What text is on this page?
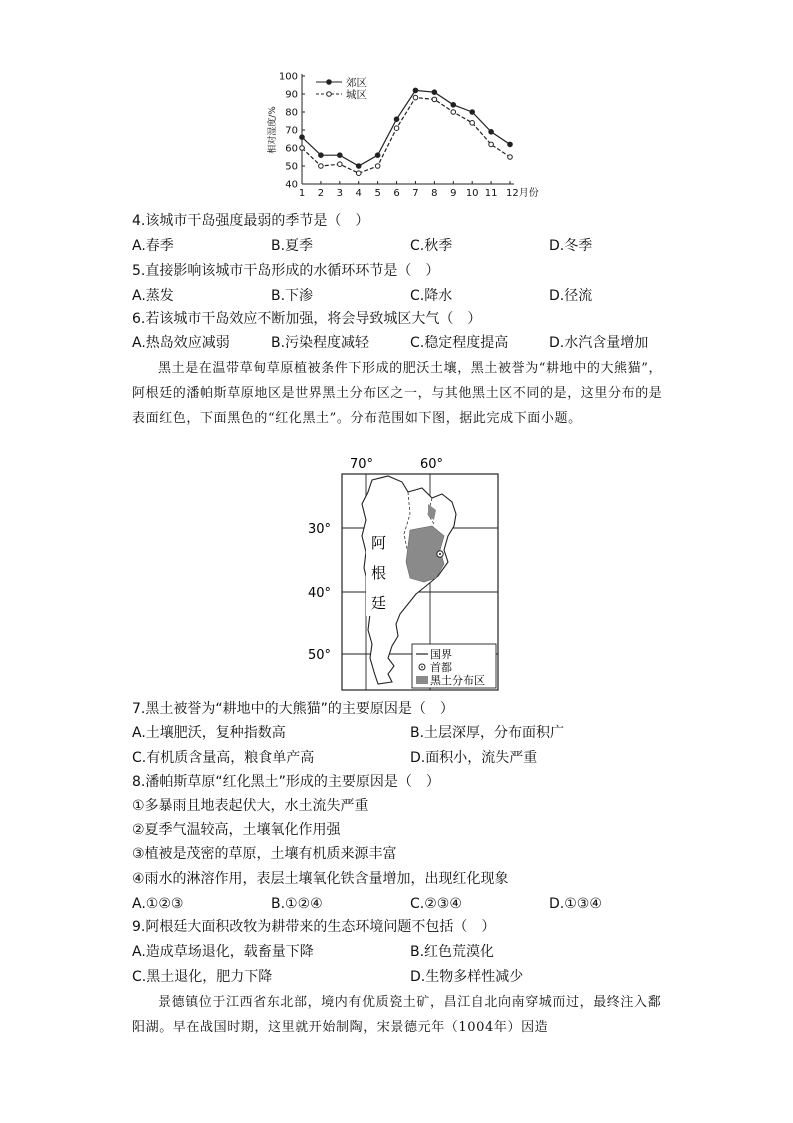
40
50
60
70
80
90
100
1 2 3 4 5 6 7 8 9 10 11 12月份
相对湿度/%
郊区
城区
4.该城市干岛强度最弱的季节是（　）
A.春季	B.夏季	C.秋季	D.冬季
5.直接影响该城市干岛形成的水循环环节是（　）
A.蒸发	B.下渗	C.降水	D.径流
6.若该城市干岛效应不断加强，将会导致城区大气（　）
A.热岛效应减弱	B.污染程度减轻	C.稳定程度提高	D.水汽含量增加

黑土是在温带草甸草原植被条件下形成的肥沃土壤，黑土被誉为“耕地中的大熊猫”，阿根廷的潘帕斯草原地区是世界黑土分布区之一，与其他黑土区不同的是，这里分布的是表面红色，下面黑色的“红化黑土”。分布范围如下图，据此完成下面小题。

70°	60°
30°
40°
50°
阿
根
廷
国界
首都
黑土分布区
7.黑土被誉为“耕地中的大熊猫”的主要原因是（　）
A.土壤肥沃，复种指数高	B.土层深厚，分布面积广
C.有机质含量高，粮食单产高	D.面积小，流失严重
8.潘帕斯草原“红化黑土”形成的主要原因是（　）
①多暴雨且地表起伏大，水土流失严重
②夏季气温较高，土壤氧化作用强
③植被是茂密的草原，土壤有机质来源丰富
④雨水的淋溶作用，表层土壤氧化铁含量增加，出现红化现象
A.①②③	B.①②④	C.②③④	D.①③④
9.阿根廷大面积改牧为耕带来的生态环境问题不包括（　）
A.造成草场退化，载畜量下降	B.红色荒漠化
C.黑土退化，肥力下降	D.生物多样性减少

景德镇位于江西省东北部，境内有优质瓷土矿，昌江自北向南穿城而过，最终注入鄱阳湖。早在战国时期，这里就开始制陶，宋景德元年（1004年）因造
